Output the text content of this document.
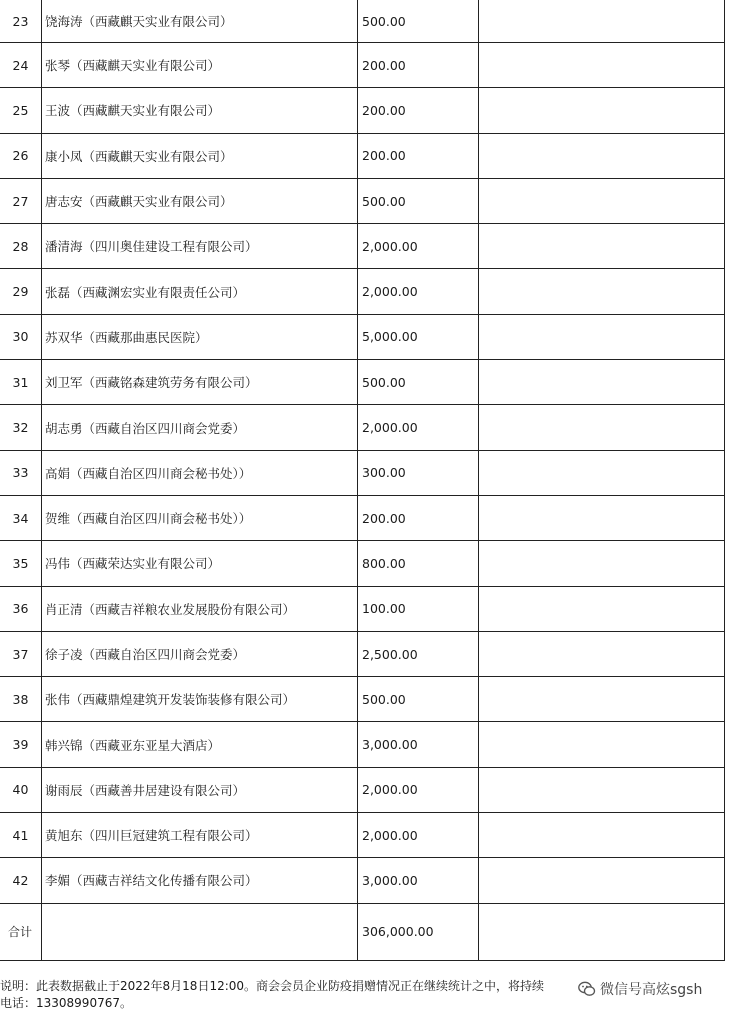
23	饶海涛（西藏麒天实业有限公司）	500.00	
24	张琴（西藏麒天实业有限公司）	200.00	
25	王波（西藏麒天实业有限公司）	200.00	
26	康小凤（西藏麒天实业有限公司）	200.00	
27	唐志安（西藏麒天实业有限公司）	500.00	
28	潘清海（四川奥佳建设工程有限公司）	2,000.00	
29	张磊（西藏渊宏实业有限责任公司）	2,000.00	
30	苏双华（西藏那曲惠民医院）	5,000.00	
31	刘卫军（西藏铭森建筑劳务有限公司）	500.00	
32	胡志勇（西藏自治区四川商会党委）	2,000.00	
33	高娟（西藏自治区四川商会秘书处））	300.00	
34	贺维（西藏自治区四川商会秘书处））	200.00	
35	冯伟（西藏荣达实业有限公司）	800.00	
36	肖正清（西藏吉祥粮农业发展股份有限公司）	100.00	
37	徐子凌（西藏自治区四川商会党委）	2,500.00	
38	张伟（西藏鼎煌建筑开发装饰装修有限公司）	500.00	
39	韩兴锦（西藏亚东亚星大酒店）	3,000.00	
40	谢雨辰（西藏善井居建设有限公司）	2,000.00	
41	黄旭东（四川巨冠建筑工程有限公司）	2,000.00	
42	李媚（西藏吉祥结文化传播有限公司）	3,000.00	
合计		306,000.00	
说明：此表数据截止于2022年8月18日12:00。商会会员企业防疫捐赠情况正在继续统计之中，将持续
电话：13308990767。
微信号高炫sgsh
